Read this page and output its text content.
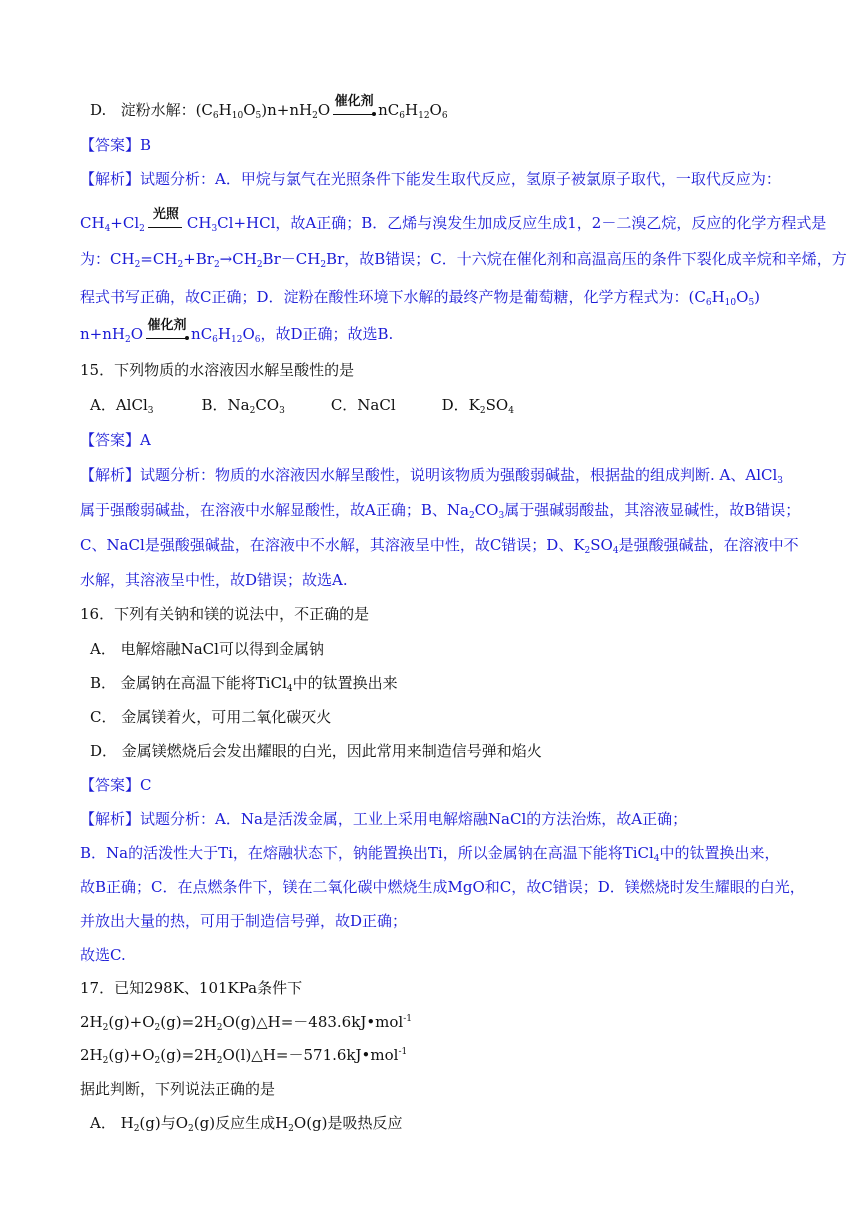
D. 淀粉水解：$(C_6H_{10}O_5)n+nH_2O$ 催化剂 $nC_6H_{12}O_6$
【答案】B
【解析】试题分析：A．甲烷与氯气在光照条件下能发生取代反应，氢原子被氯原子取代，一取代反应为：
$CH_4+Cl_2$
光照 $CH_3Cl+HCl$，故A正确；B．乙烯与溴发生加成反应生成1，2－二溴乙烷，反应的化学方程式是
为：$CH_2=CH_2+Br_2\to CH_2Br-CH_2Br$，故B错误；C．十六烷在催化剂和高温高压的条件下裂化成辛烷和辛烯，方
程式书写正确，故C正确；D．淀粉在酸性环境下水解的最终产物是葡萄糖，化学方程式为：$(C_6H_{10}O_5)$
$n+nH_2O$ 催化剂 $nC_6H_{12}O_6$，故D正确；故选B.
15．下列物质的水溶液因水解呈酸性的是
A．AlCl$_3$	B．$Na_2CO_3$	C．NaCl	D．$K_2SO_4$
【答案】A
【解析】试题分析：物质的水溶液因水解呈酸性，说明该物质为强酸弱碱盐，根据盐的组成判断. A、AlCl$_3$
属于强酸弱碱盐，在溶液中水解显酸性，故A正确；B、$Na_2CO_3$属于强碱弱酸盐，其溶液显碱性，故B错误；
C、NaCl是强酸强碱盐，在溶液中不水解，其溶液呈中性，故C错误；D、$K_2SO_4$是强酸强碱盐，在溶液中不
水解，其溶液呈中性，故D错误；故选A.
16．下列有关钠和镁的说法中，不正确的是
A． 电解熔融NaCl可以得到金属钠
B． 金属钠在高温下能将TiCl$_4$中的钛置换出来
C． 金属镁着火，可用二氧化碳灭火
D． 金属镁燃烧后会发出耀眼的白光，因此常用来制造信号弹和焰火
【答案】C
【解析】试题分析：A．Na是活泼金属，工业上采用电解熔融NaCl的方法治炼，故A正确；
B．Na的活泼性大于Ti，在熔融状态下，钠能置换出Ti，所以金属钠在高温下能将TiCl$_4$中的钛置换出来，
故B正确；C．在点燃条件下，镁在二氧化碳中燃烧生成MgO和C，故C错误；D．镁燃烧时发生耀眼的白光，
并放出大量的热，可用于制造信号弹，故D正确；
故选C.
17．已知298K、101KPa条件下
$2H_2(g)+O_2(g)=2H_2O(g)\triangle H=-483.6kJ•mol^{-1}$
$2H_2(g)+O_2(g)=2H_2O(l)\triangle H=-571.6kJ•mol^{-1}$
据此判断，下列说法正确的是
A． $H_2(g)$与$O_2(g)$反应生成$H_2O(g)$是吸热反应
